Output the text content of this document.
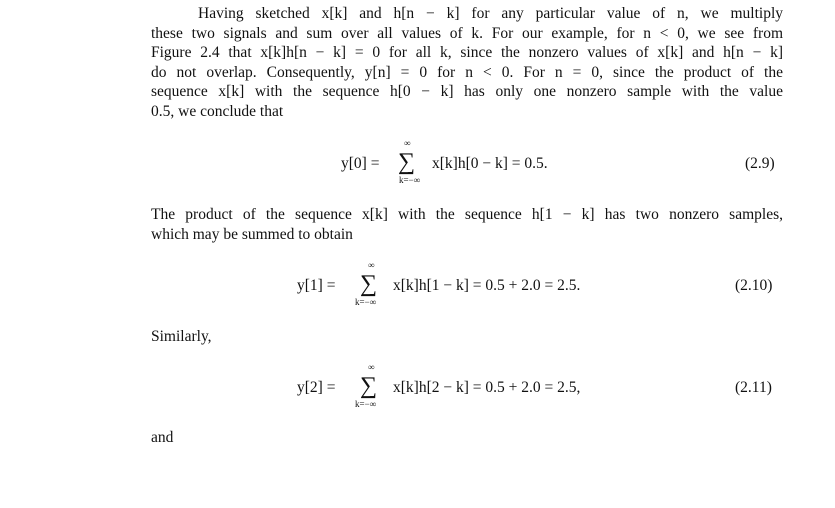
Having sketched x[k] and h[n − k] for any particular value of n, we multiply
these two signals and sum over all values of k. For our example, for n < 0, we see from
Figure 2.4 that x[k]h[n − k] = 0 for all k, since the nonzero values of x[k] and h[n − k]
do not overlap. Consequently, y[n] = 0 for n < 0. For n = 0, since the product of the
sequence x[k] with the sequence h[0 − k] has only one nonzero sample with the value
0.5, we conclude that

y[0] =
∞
∑
k=−∞
x[k]h[0 − k] = 0.5.	(2.9)

The product of the sequence x[k] with the sequence h[1 − k] has two nonzero samples,
which may be summed to obtain

y[1] =
∞
∑
k=−∞
x[k]h[1 − k] = 0.5 + 2.0 = 2.5.	(2.10)

Similarly,

y[2] =
∞
∑
k=−∞
x[k]h[2 − k] = 0.5 + 2.0 = 2.5,	(2.11)

and
